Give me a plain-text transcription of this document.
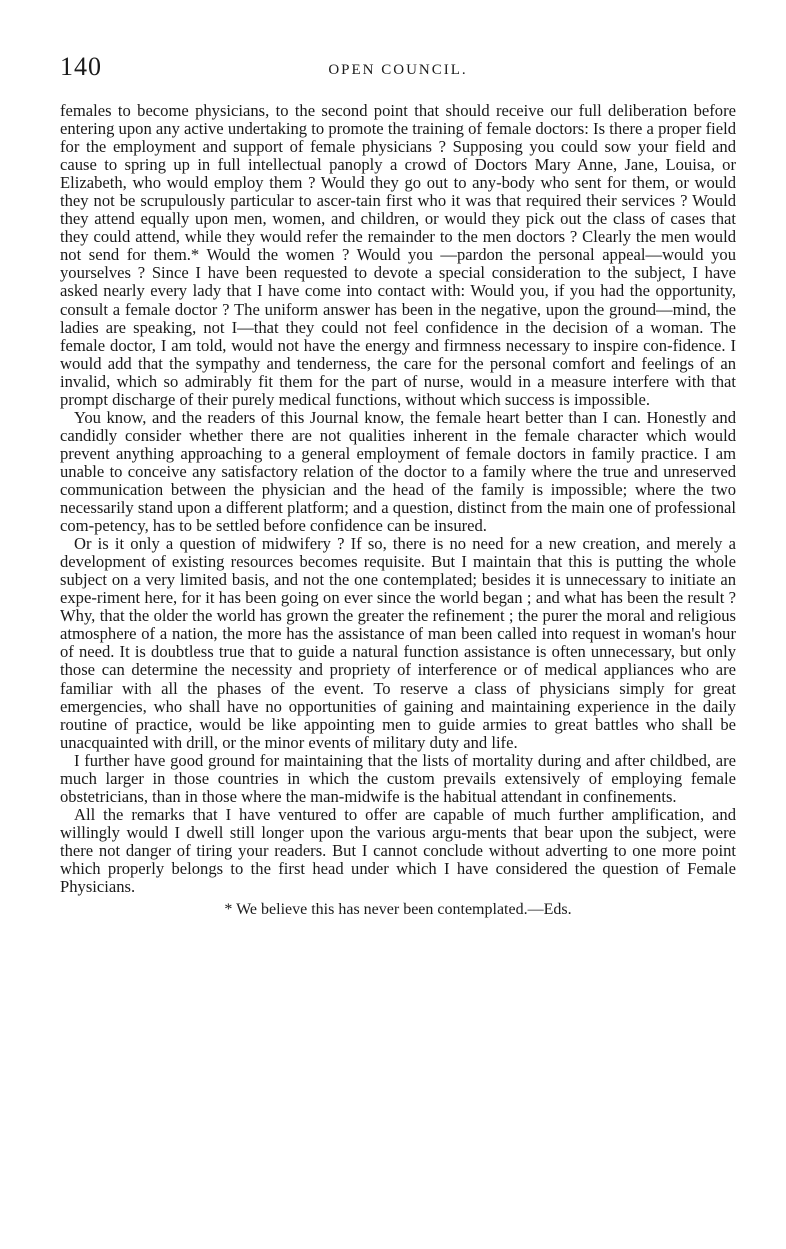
140	OPEN COUNCIL.

females to become physicians, to the second point that should receive our full deliberation before entering upon any active undertaking to promote the training of female doctors: Is there a proper field for the employment and support of female physicians ? Supposing you could sow your field and cause to spring up in full intellectual panoply a crowd of Doctors Mary Anne, Jane, Louisa, or Elizabeth, who would employ them ? Would they go out to any-body who sent for them, or would they not be scrupulously particular to ascer-tain first who it was that required their services ? Would they attend equally upon men, women, and children, or would they pick out the class of cases that they could attend, while they would refer the remainder to the men doctors ? Clearly the men would not send for them.* Would the women ? Would you —pardon the personal appeal—would you yourselves ? Since I have been requested to devote a special consideration to the subject, I have asked nearly every lady that I have come into contact with: Would you, if you had the opportunity, consult a female doctor ? The uniform answer has been in the negative, upon the ground—mind, the ladies are speaking, not I—that they could not feel confidence in the decision of a woman. The female doctor, I am told, would not have the energy and firmness necessary to inspire con-fidence. I would add that the sympathy and tenderness, the care for the personal comfort and feelings of an invalid, which so admirably fit them for the part of nurse, would in a measure interfere with that prompt discharge of their purely medical functions, without which success is impossible.

You know, and the readers of this Journal know, the female heart better than I can. Honestly and candidly consider whether there are not qualities inherent in the female character which would prevent anything approaching to a general employment of female doctors in family practice. I am unable to conceive any satisfactory relation of the doctor to a family where the true and unreserved communication between the physician and the head of the family is impossible; where the two necessarily stand upon a different platform; and a question, distinct from the main one of professional com-petency, has to be settled before confidence can be insured.

Or is it only a question of midwifery ? If so, there is no need for a new creation, and merely a development of existing resources becomes requisite. But I maintain that this is putting the whole subject on a very limited basis, and not the one contemplated; besides it is unnecessary to initiate an expe-riment here, for it has been going on ever since the world began ; and what has been the result ? Why, that the older the world has grown the greater the refinement ; the purer the moral and religious atmosphere of a nation, the more has the assistance of man been called into request in woman's hour of need. It is doubtless true that to guide a natural function assistance is often unnecessary, but only those can determine the necessity and propriety of interference or of medical appliances who are familiar with all the phases of the event. To reserve a class of physicians simply for great emergencies, who shall have no opportunities of gaining and maintaining experience in the daily routine of practice, would be like appointing men to guide armies to great battles who shall be unacquainted with drill, or the minor events of military duty and life.

I further have good ground for maintaining that the lists of mortality during and after childbed, are much larger in those countries in which the custom prevails extensively of employing female obstetricians, than in those where the man-midwife is the habitual attendant in confinements.

All the remarks that I have ventured to offer are capable of much further amplification, and willingly would I dwell still longer upon the various argu-ments that bear upon the subject, were there not danger of tiring your readers. But I cannot conclude without adverting to one more point which properly belongs to the first head under which I have considered the question of Female Physicians.

* We believe this has never been contemplated.—Eds.
